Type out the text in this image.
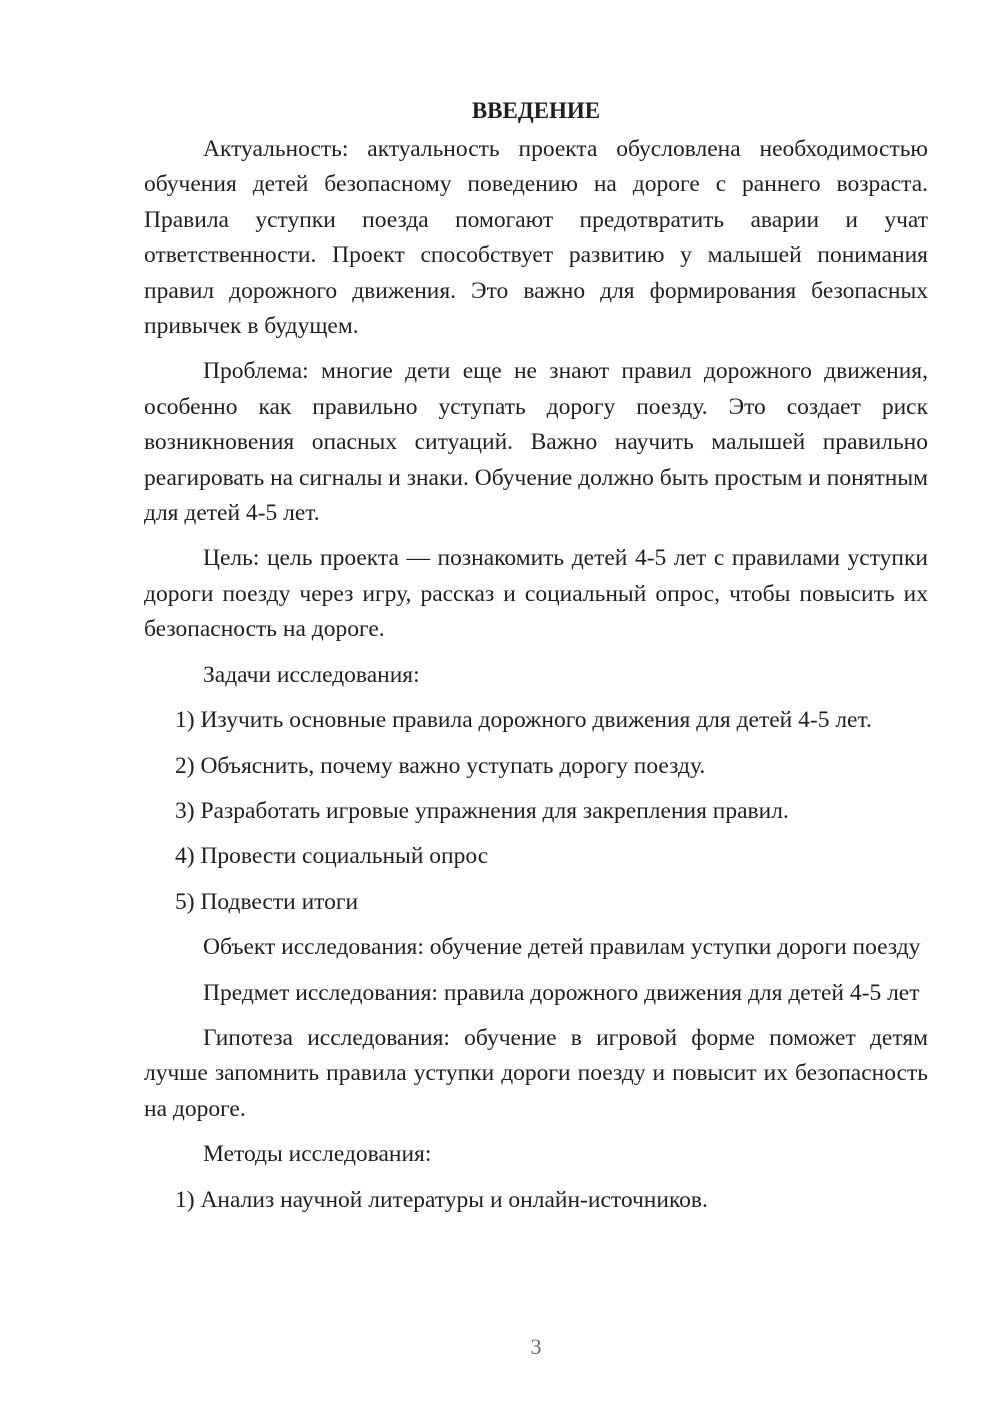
ВВЕДЕНИЕ

Актуальность: актуальность проекта обусловлена необходимостью обучения детей безопасному поведению на дороге с раннего возраста. Правила уступки поезда помогают предотвратить аварии и учат ответственности. Проект способствует развитию у малышей понимания правил дорожного движения. Это важно для формирования безопасных привычек в будущем.

Проблема: многие дети еще не знают правил дорожного движения, особенно как правильно уступать дорогу поезду. Это создает риск возникновения опасных ситуаций. Важно научить малышей правильно реагировать на сигналы и знаки. Обучение должно быть простым и понятным для детей 4-5 лет.

Цель: цель проекта — познакомить детей 4-5 лет с правилами уступки дороги поезду через игру, рассказ и социальный опрос, чтобы повысить их безопасность на дороге.

Задачи исследования:

1) Изучить основные правила дорожного движения для детей 4-5 лет.
2) Объяснить, почему важно уступать дорогу поезду.
3) Разработать игровые упражнения для закрепления правил.
4) Провести социальный опрос
5) Подвести итоги

Объект исследования: обучение детей правилам уступки дороги поезду

Предмет исследования: правила дорожного движения для детей 4-5 лет

Гипотеза исследования: обучение в игровой форме поможет детям лучше запомнить правила уступки дороги поезду и повысит их безопасность на дороге.

Методы исследования:

1) Анализ научной литературы и онлайн-источников.
3
